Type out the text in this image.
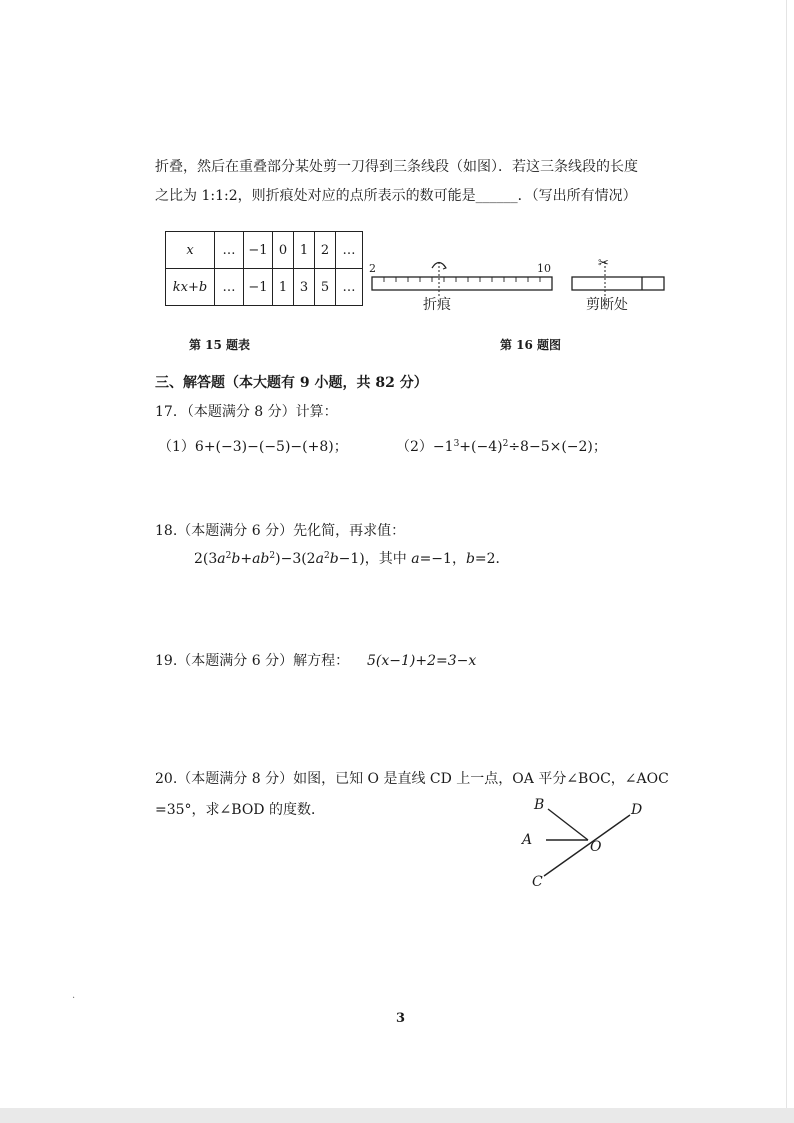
折叠，然后在重叠部分某处剪一刀得到三条线段（如图）．若这三条线段的长度
之比为 1:1:2，则折痕处对应的点所表示的数可能是______．（写出所有情况）
x	…	−1	0	1	2	…
kx+b	…	−1	1	3	5	…
2	10
折痕
✂
剪断处
第 15 题表	第 16 题图
三、解答题（本大题有 9 小题，共 82 分）
17．（本题满分 8 分）计算：
（1）6+(−3)−(−5)−(+8)；	$(2)-1^3+(-4)^2\div 8-5\times(-2)$；
18.（本题满分 6 分）先化简，再求值：
$2(3a^2b+ab^2)-3(2a^2b-1)$，其中 a=−1，b=2．
19.（本题满分 6 分）解方程： 5(x−1)+2=3−x
20.（本题满分 8 分）如图，已知 O 是直线 CD 上一点，OA 平分∠BOC，∠AOC
=35°，求∠BOD 的度数．	B	D
A	O
C
·
3
